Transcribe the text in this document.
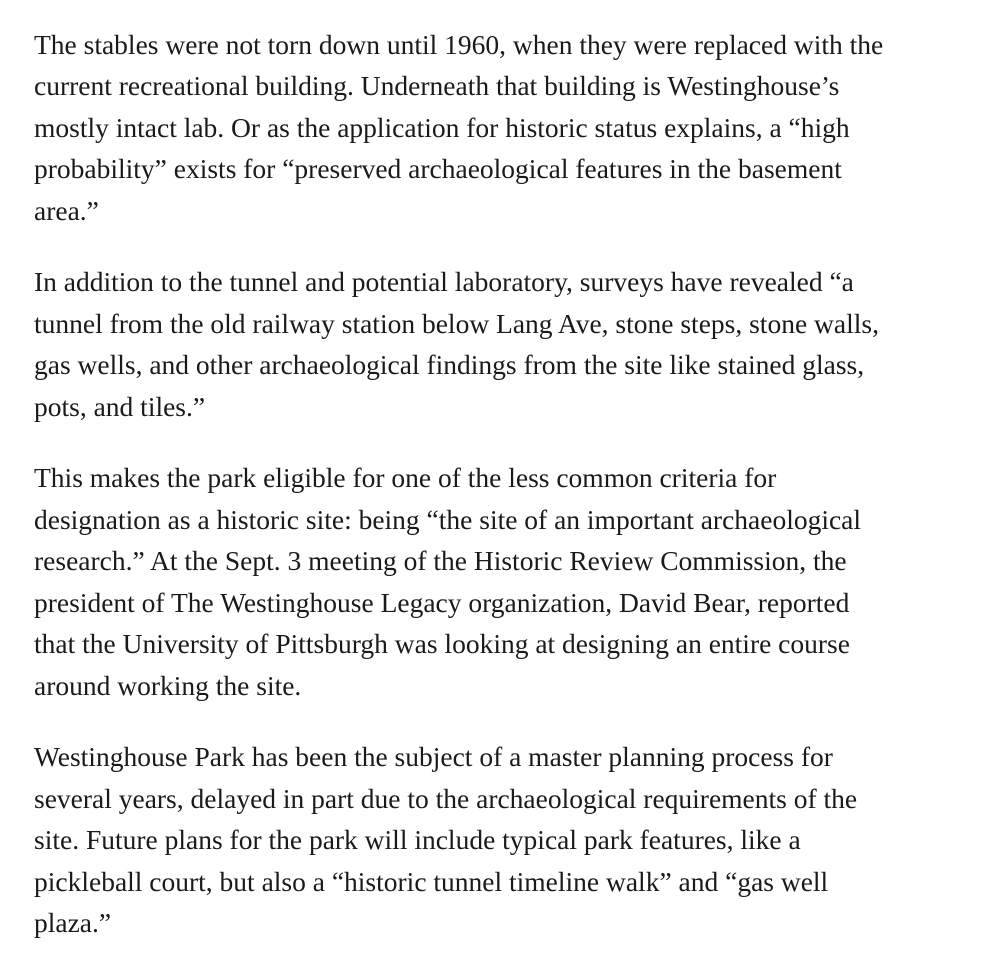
The stables were not torn down until 1960, when they were replaced with the
current recreational building. Underneath that building is Westinghouse’s
mostly intact lab. Or as the application for historic status explains, a “high
probability” exists for “preserved archaeological features in the basement
area.”

In addition to the tunnel and potential laboratory, surveys have revealed “a
tunnel from the old railway station below Lang Ave, stone steps, stone walls,
gas wells, and other archaeological findings from the site like stained glass,
pots, and tiles.”

This makes the park eligible for one of the less common criteria for
designation as a historic site: being “the site of an important archaeological
research.” At the Sept. 3 meeting of the Historic Review Commission, the
president of The Westinghouse Legacy organization, David Bear, reported
that the University of Pittsburgh was looking at designing an entire course
around working the site.

Westinghouse Park has been the subject of a master planning process for
several years, delayed in part due to the archaeological requirements of the
site. Future plans for the park will include typical park features, like a
pickleball court, but also a “historic tunnel timeline walk” and “gas well
plaza.”
